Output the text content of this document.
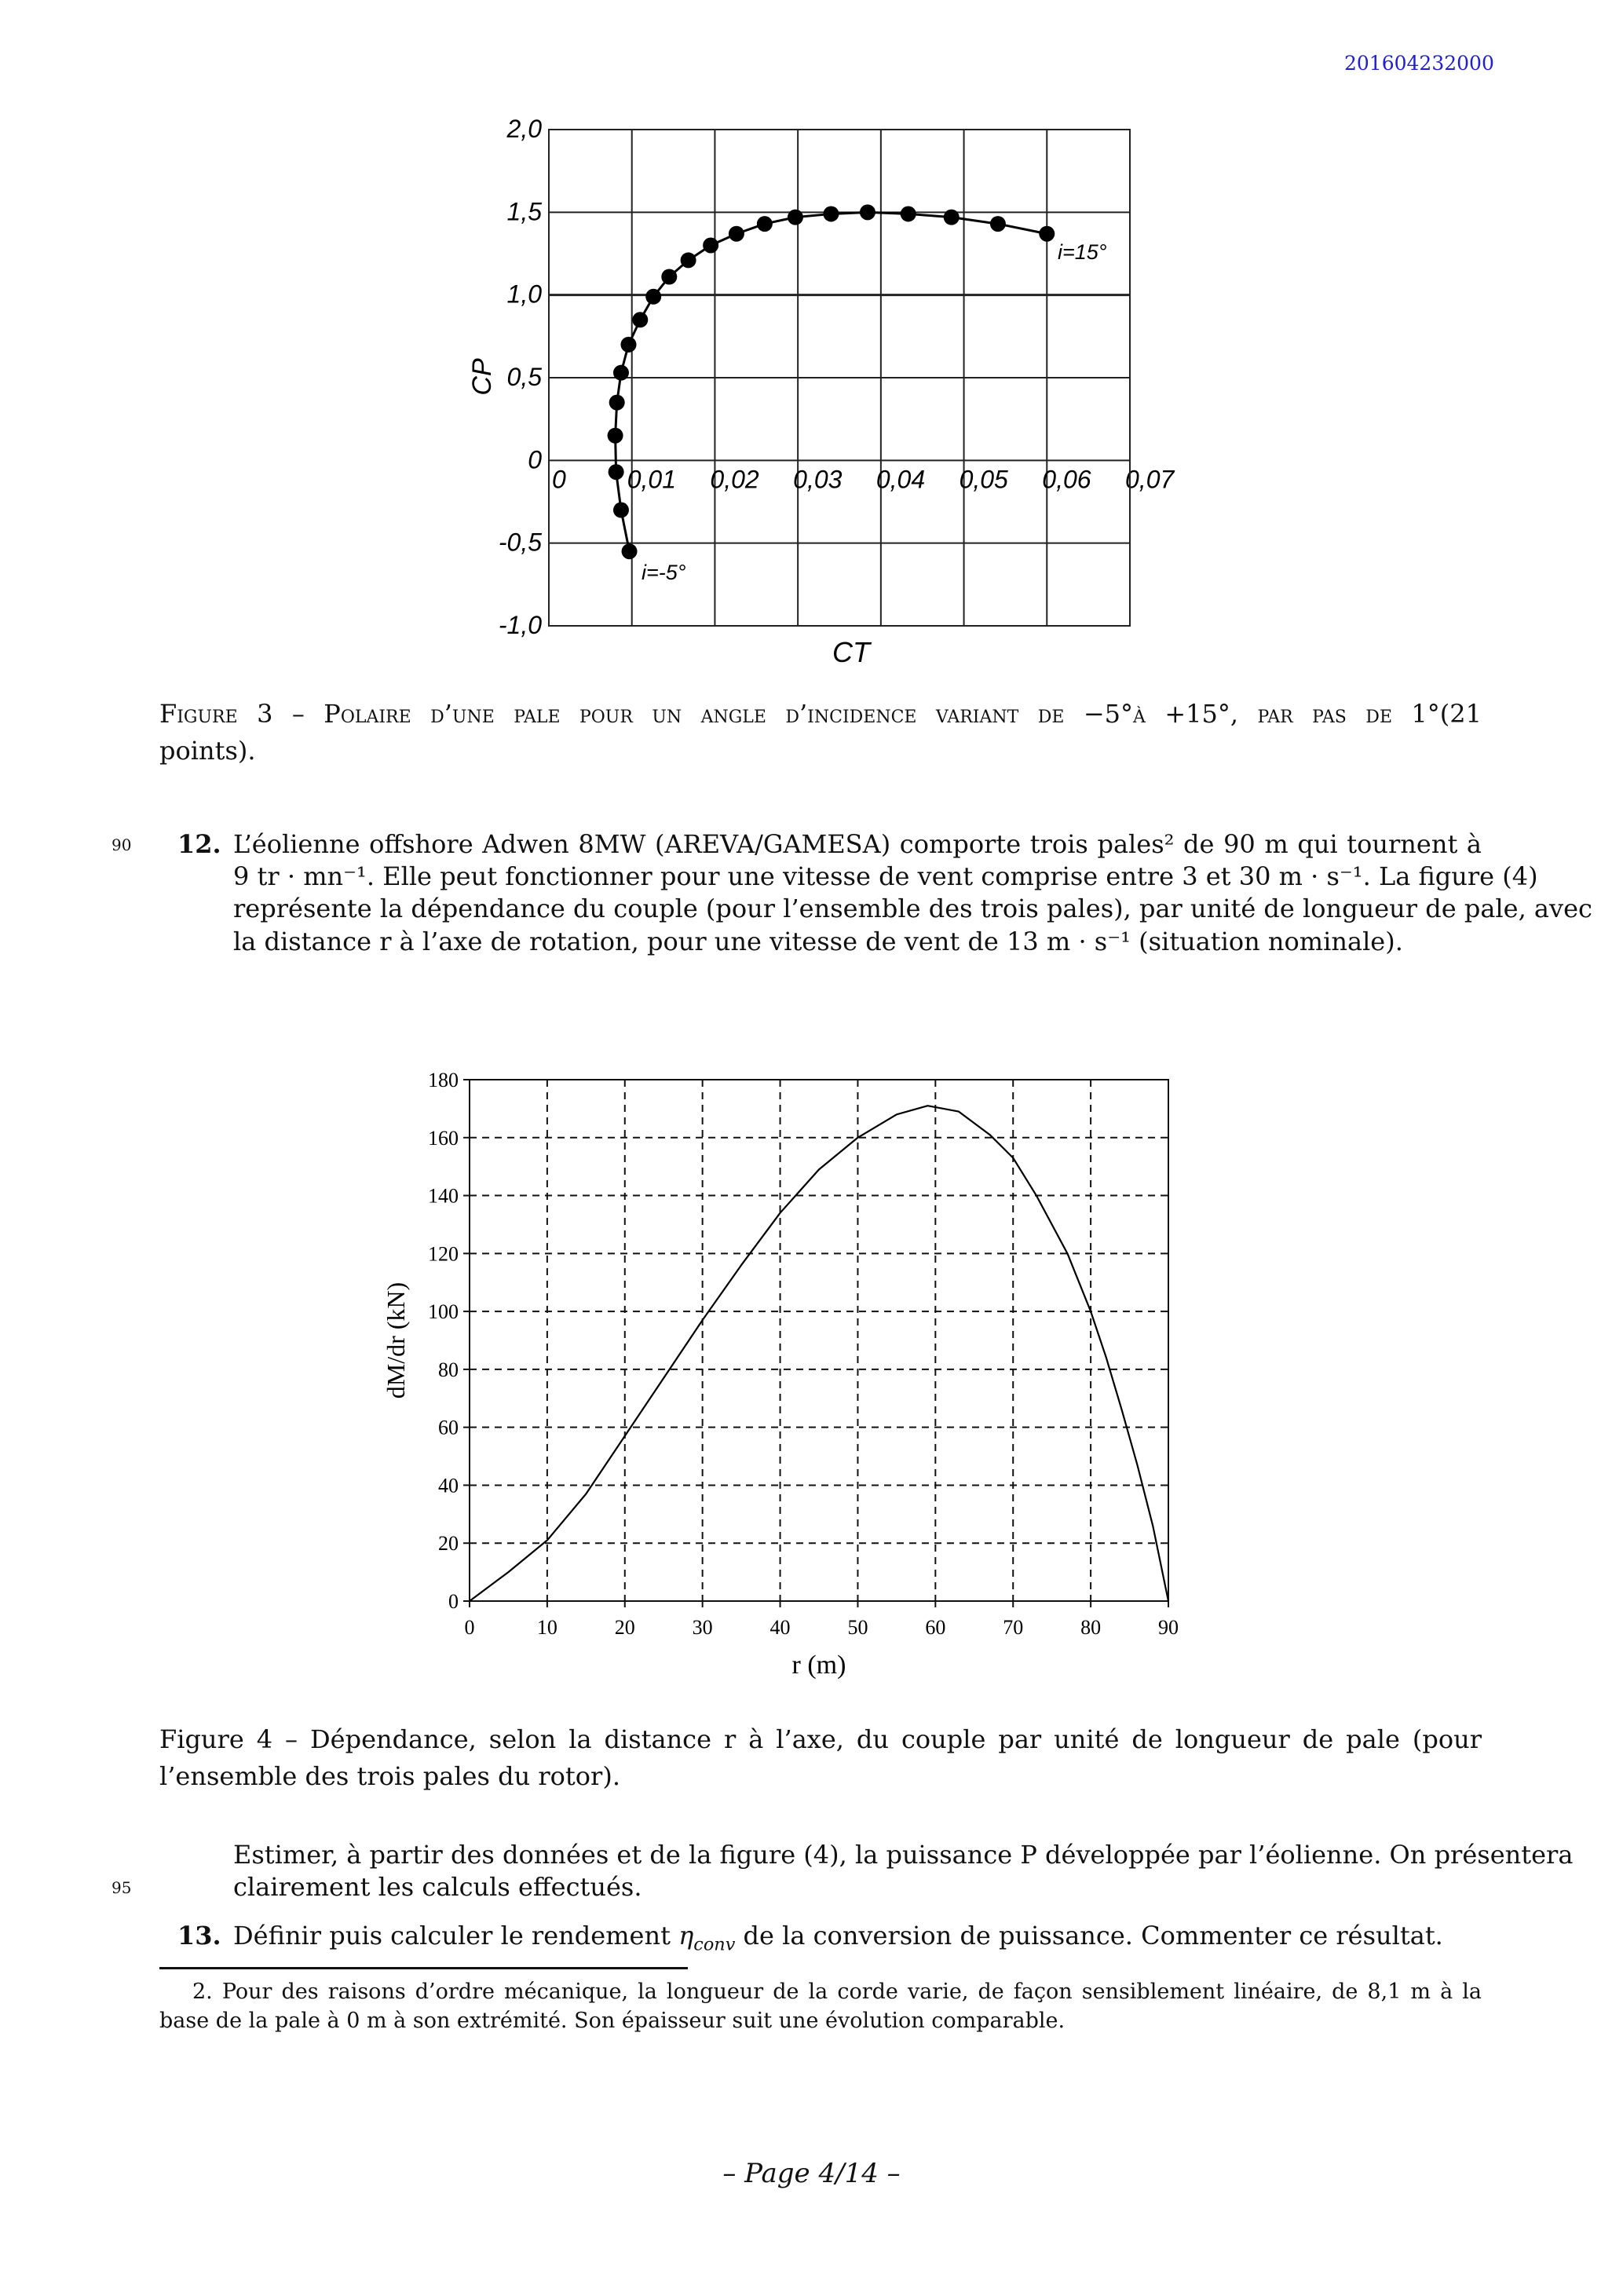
201604232000
0 0,01 0,02 0,03 0,04 0,05 0,06 0,07
-1,0
-0,5
0
0,5
1,0
1,5
2,0
i=15°
i=-5°
CP
CT
Figure 3 – Polaire d’une pale pour un angle d’incidence variant de −5°à +15°, par pas de 1°(21
points).
90 12. L’éolienne offshore Adwen 8MW (AREVA/GAMESA) comporte trois pales² de 90 m qui tournent à
9 tr · mn⁻¹. Elle peut fonctionner pour une vitesse de vent comprise entre 3 et 30 m · s⁻¹. La figure (4)
représente la dépendance du couple (pour l’ensemble des trois pales), par unité de longueur de pale, avec
la distance r à l’axe de rotation, pour une vitesse de vent de 13 m · s⁻¹ (situation nominale).
0	10	20	30	40	50	60	70	80	90
0
20
40
60
80
100
120
140
160
180
dM/dr (kN)
r (m)
Figure 4 – Dépendance, selon la distance r à l’axe, du couple par unité de longueur de pale (pour
l’ensemble des trois pales du rotor).
Estimer, à partir des données et de la figure (4), la puissance P développée par l’éolienne. On présentera
95	clairement les calculs effectués.
13. Définir puis calculer le rendement $\eta_{conv}$ de la conversion de puissance. Commenter ce résultat.
2. Pour des raisons d’ordre mécanique, la longueur de la corde varie, de façon sensiblement linéaire, de 8,1 m à la
base de la pale à 0 m à son extrémité. Son épaisseur suit une évolution comparable.
– Page 4/14 –
